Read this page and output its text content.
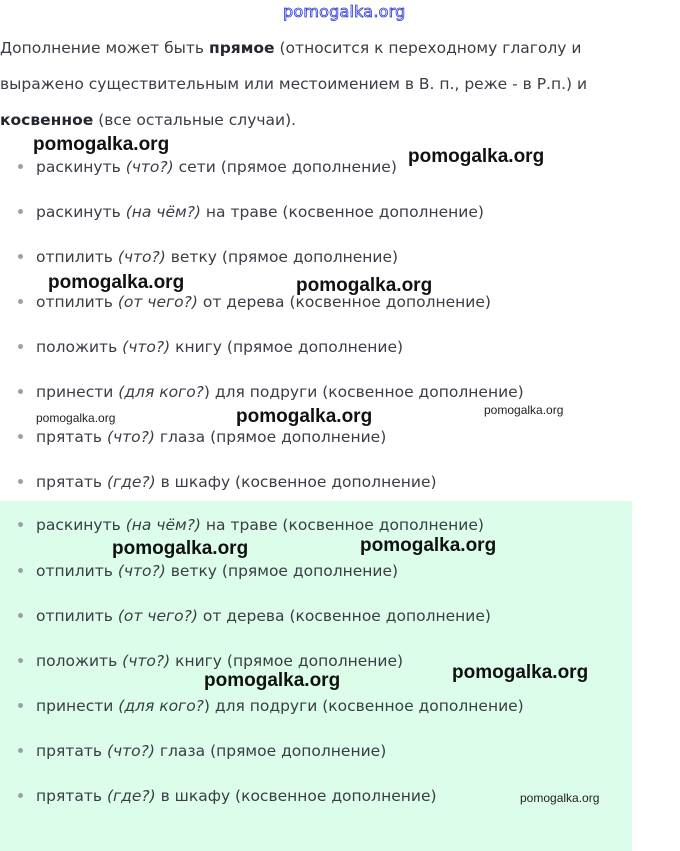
pomogalka.org

Дополнение может быть прямое (относится к переходному глаголу и выражено существительным или местоимением в В. п., реже - в Р.п.) и косвенное (все остальные случаи).

раскинуть (что?) сети (прямое дополнение)
раскинуть (на чём?) на траве (косвенное дополнение)
отпилить (что?) ветку (прямое дополнение)
отпилить (от чего?) от дерева (косвенное дополнение)
положить (что?) книгу (прямое дополнение)
принести (для кого?) для подруги (косвенное дополнение)
прятать (что?) глаза (прямое дополнение)
прятать (где?) в шкафу (косвенное дополнение)
раскинуть (на чём?) на траве (косвенное дополнение)
отпилить (что?) ветку (прямое дополнение)
отпилить (от чего?) от дерева (косвенное дополнение)
положить (что?) книгу (прямое дополнение)
принести (для кого?) для подруги (косвенное дополнение)
прятать (что?) глаза (прямое дополнение)
прятать (где?) в шкафу (косвенное дополнение)
pomogalka.org
pomogalka.org
pomogalka.org	pomogalka.org
pomogalka.org	pomogalka.org	pomogalka.org
pomogalka.org	pomogalka.org
pomogalka.org	pomogalka.org
pomogalka.org
